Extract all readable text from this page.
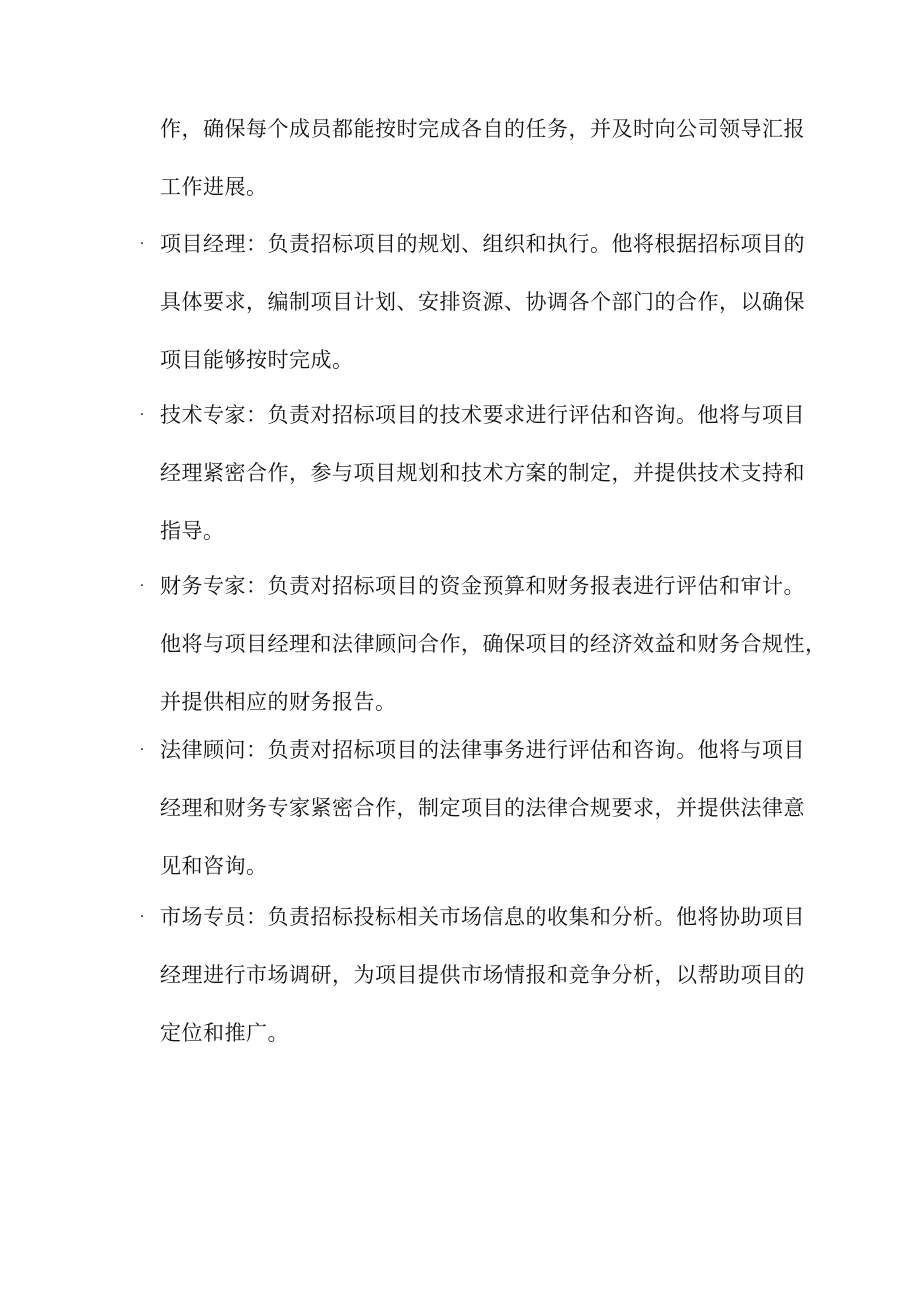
作，确保每个成员都能按时完成各自的任务，并及时向公司领导汇报
工作进展。
· 项目经理：负责招标项目的规划、组织和执行。他将根据招标项目的
具体要求，编制项目计划、安排资源、协调各个部门的合作，以确保
项目能够按时完成。
· 技术专家：负责对招标项目的技术要求进行评估和咨询。他将与项目
经理紧密合作，参与项目规划和技术方案的制定，并提供技术支持和
指导。
· 财务专家：负责对招标项目的资金预算和财务报表进行评估和审计。
他将与项目经理和法律顾问合作，确保项目的经济效益和财务合规性，
并提供相应的财务报告。
· 法律顾问：负责对招标项目的法律事务进行评估和咨询。他将与项目
经理和财务专家紧密合作，制定项目的法律合规要求，并提供法律意
见和咨询。
· 市场专员：负责招标投标相关市场信息的收集和分析。他将协助项目
经理进行市场调研，为项目提供市场情报和竞争分析，以帮助项目的
定位和推广。
